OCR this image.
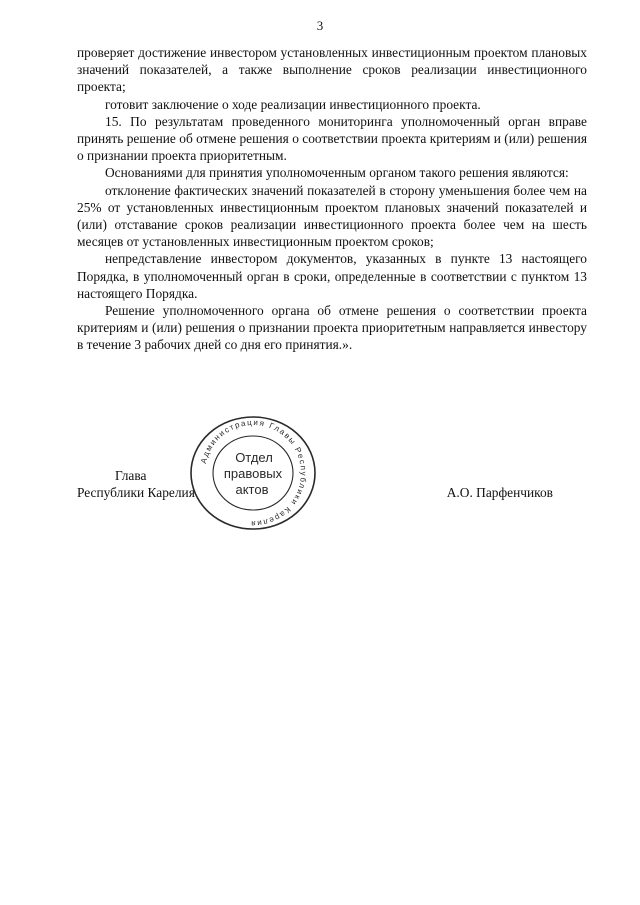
3

проверяет достижение инвестором установленных инвестиционным проектом плановых значений показателей, а также выполнение сроков реализации инвестиционного проекта;

готовит заключение о ходе реализации инвестиционного проекта.

15. По результатам проведенного мониторинга уполномоченный орган вправе принять решение об отмене решения о соответствии проекта критериям и (или) решения о признании проекта приоритетным.

Основаниями для принятия уполномоченным органом такого решения являются:

отклонение фактических значений показателей в сторону уменьшения более чем на 25% от установленных инвестиционным проектом плановых значений показателей и (или) отставание сроков реализации инвестиционного проекта более чем на шесть месяцев от установленных инвестиционным проектом сроков;

непредставление инвестором документов, указанных в пункте 13 настоящего Порядка, в уполномоченный орган в сроки, определенные в соответствии с пунктом 13 настоящего Порядка.

Решение уполномоченного органа об отмене решения о соответствии проекта критериям и (или) решения о признании проекта приоритетным направляется инвестору в течение 3 рабочих дней со дня его принятия.».

Глава
Республики Карелия	А.О. Парфенчиков
Администрация Главы Республики Карелия
Отдел
правовых
актов
